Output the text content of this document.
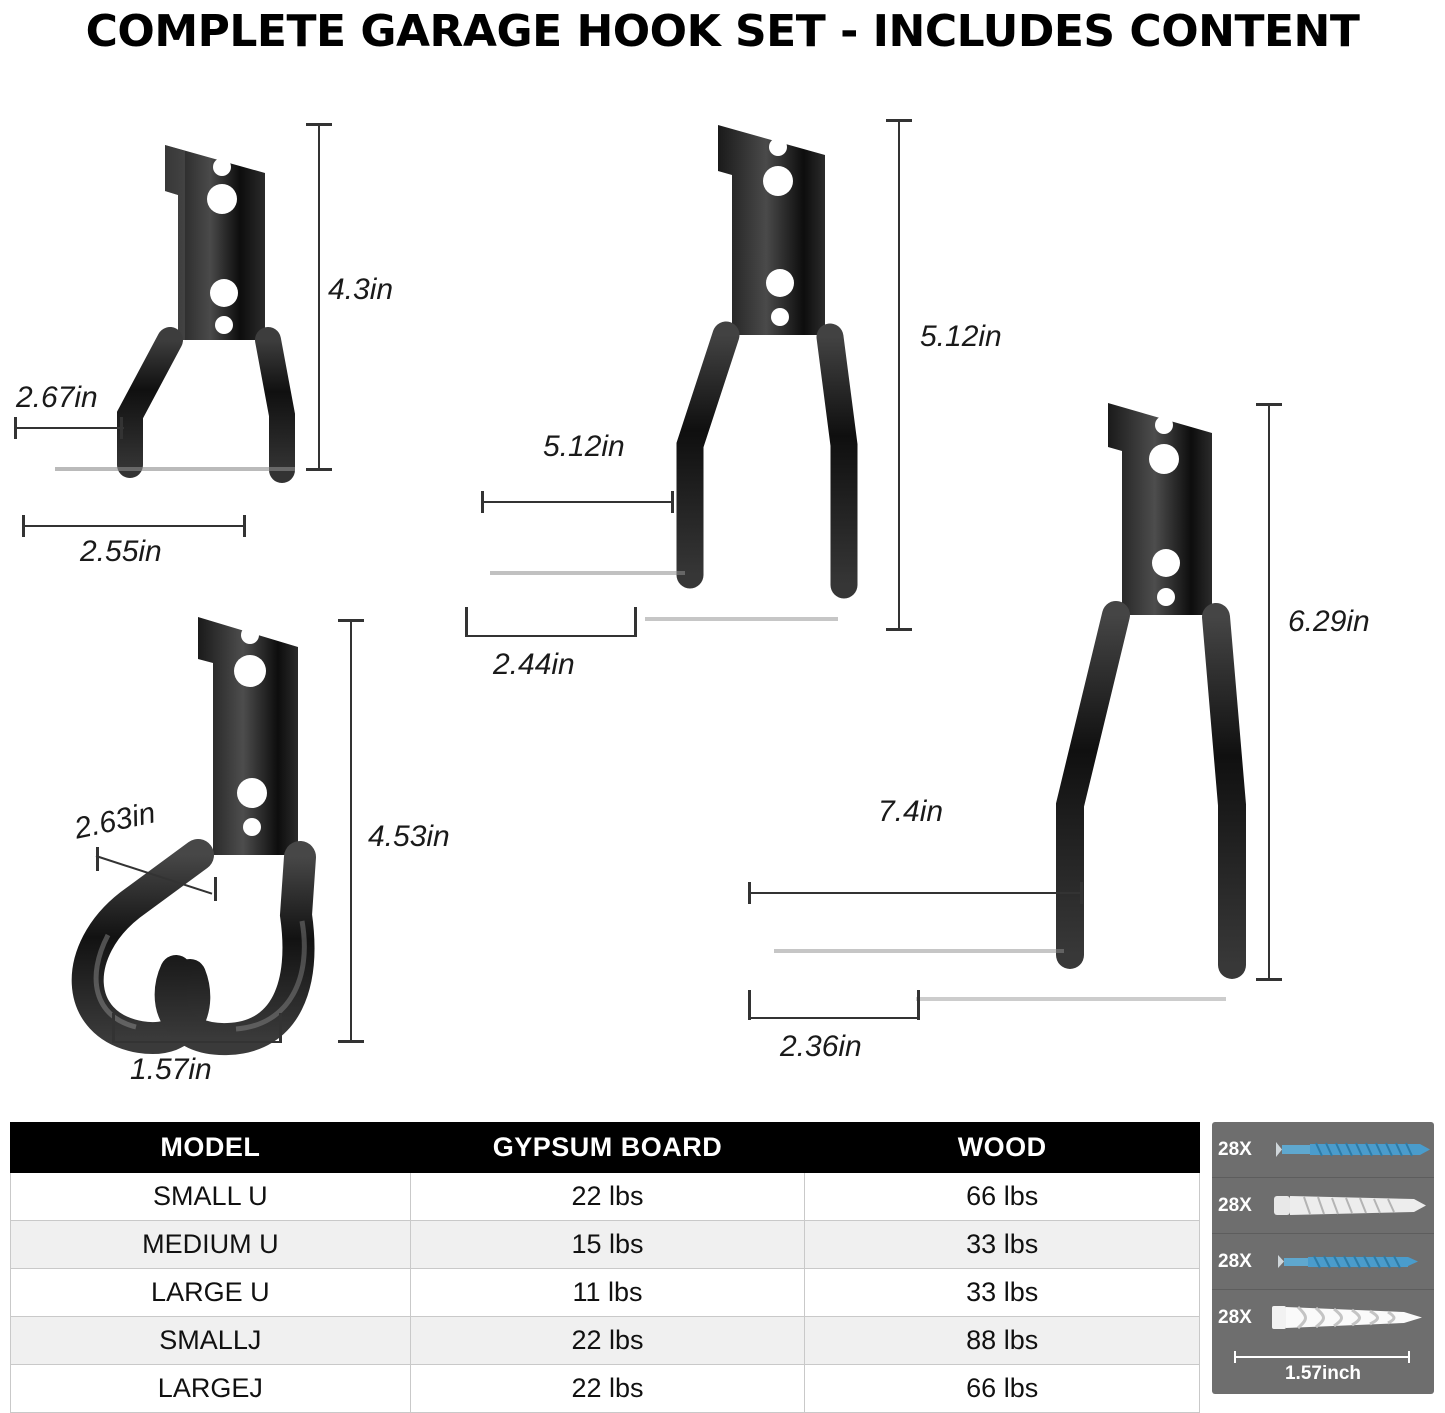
COMPLETE GARAGE HOOK SET - INCLUDES CONTENT
4.3in
2.67in
2.55in
5.12in
5.12in
2.44in
6.29in
7.4in
2.36in
4.53in
2.63in
1.57in
MODEL	GYPSUM BOARD	WOOD
SMALL U	22 lbs	66 lbs
MEDIUM U	15 lbs	33 lbs
LARGE U	11 lbs	33 lbs
SMALLJ	22 lbs	88 lbs
LARGEJ	22 lbs	66 lbs
28X
28X
28X
28X
1.57inch
